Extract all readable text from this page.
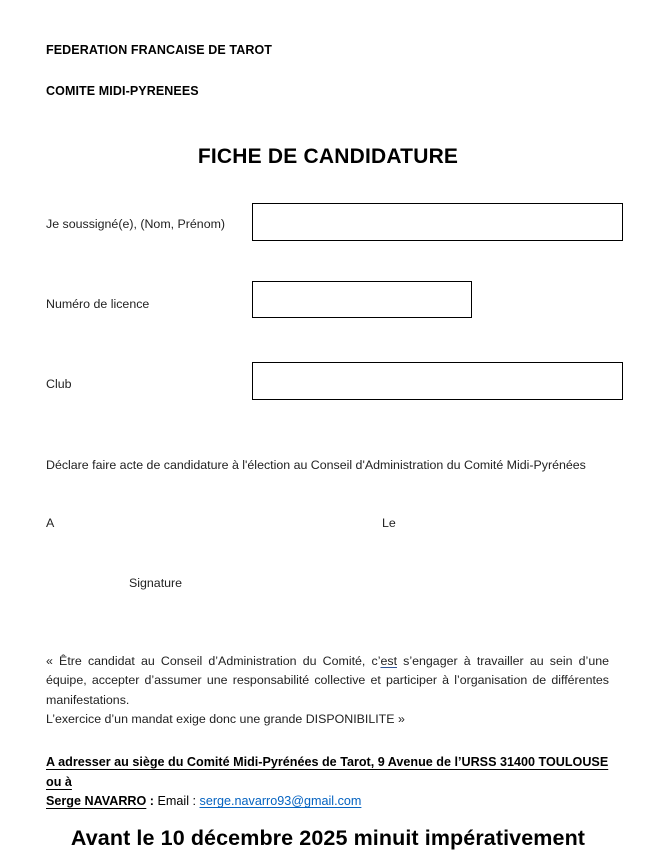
FEDERATION FRANCAISE DE TAROT
COMITE MIDI-PYRENEES
FICHE DE CANDIDATURE
Je soussigné(e), (Nom, Prénom)
Numéro de licence
Club
Déclare faire acte de candidature à l'élection au Conseil d'Administration du Comité Midi-Pyrénées
A	Le
Signature
« Être candidat au Conseil d’Administration du Comité, c’est s’engager à travailler au sein d’une équipe, accepter d’assumer une responsabilité collective et participer à l’organisation de différentes manifestations.
L’exercice d’un mandat exige donc une grande DISPONIBILITE »
A adresser au siège du Comité Midi-Pyrénées de Tarot, 9 Avenue de l’URSS 31400 TOULOUSE ou à
Serge NAVARRO : Email : serge.navarro93@gmail.com
Avant le 10 décembre 2025 minuit impérativement
